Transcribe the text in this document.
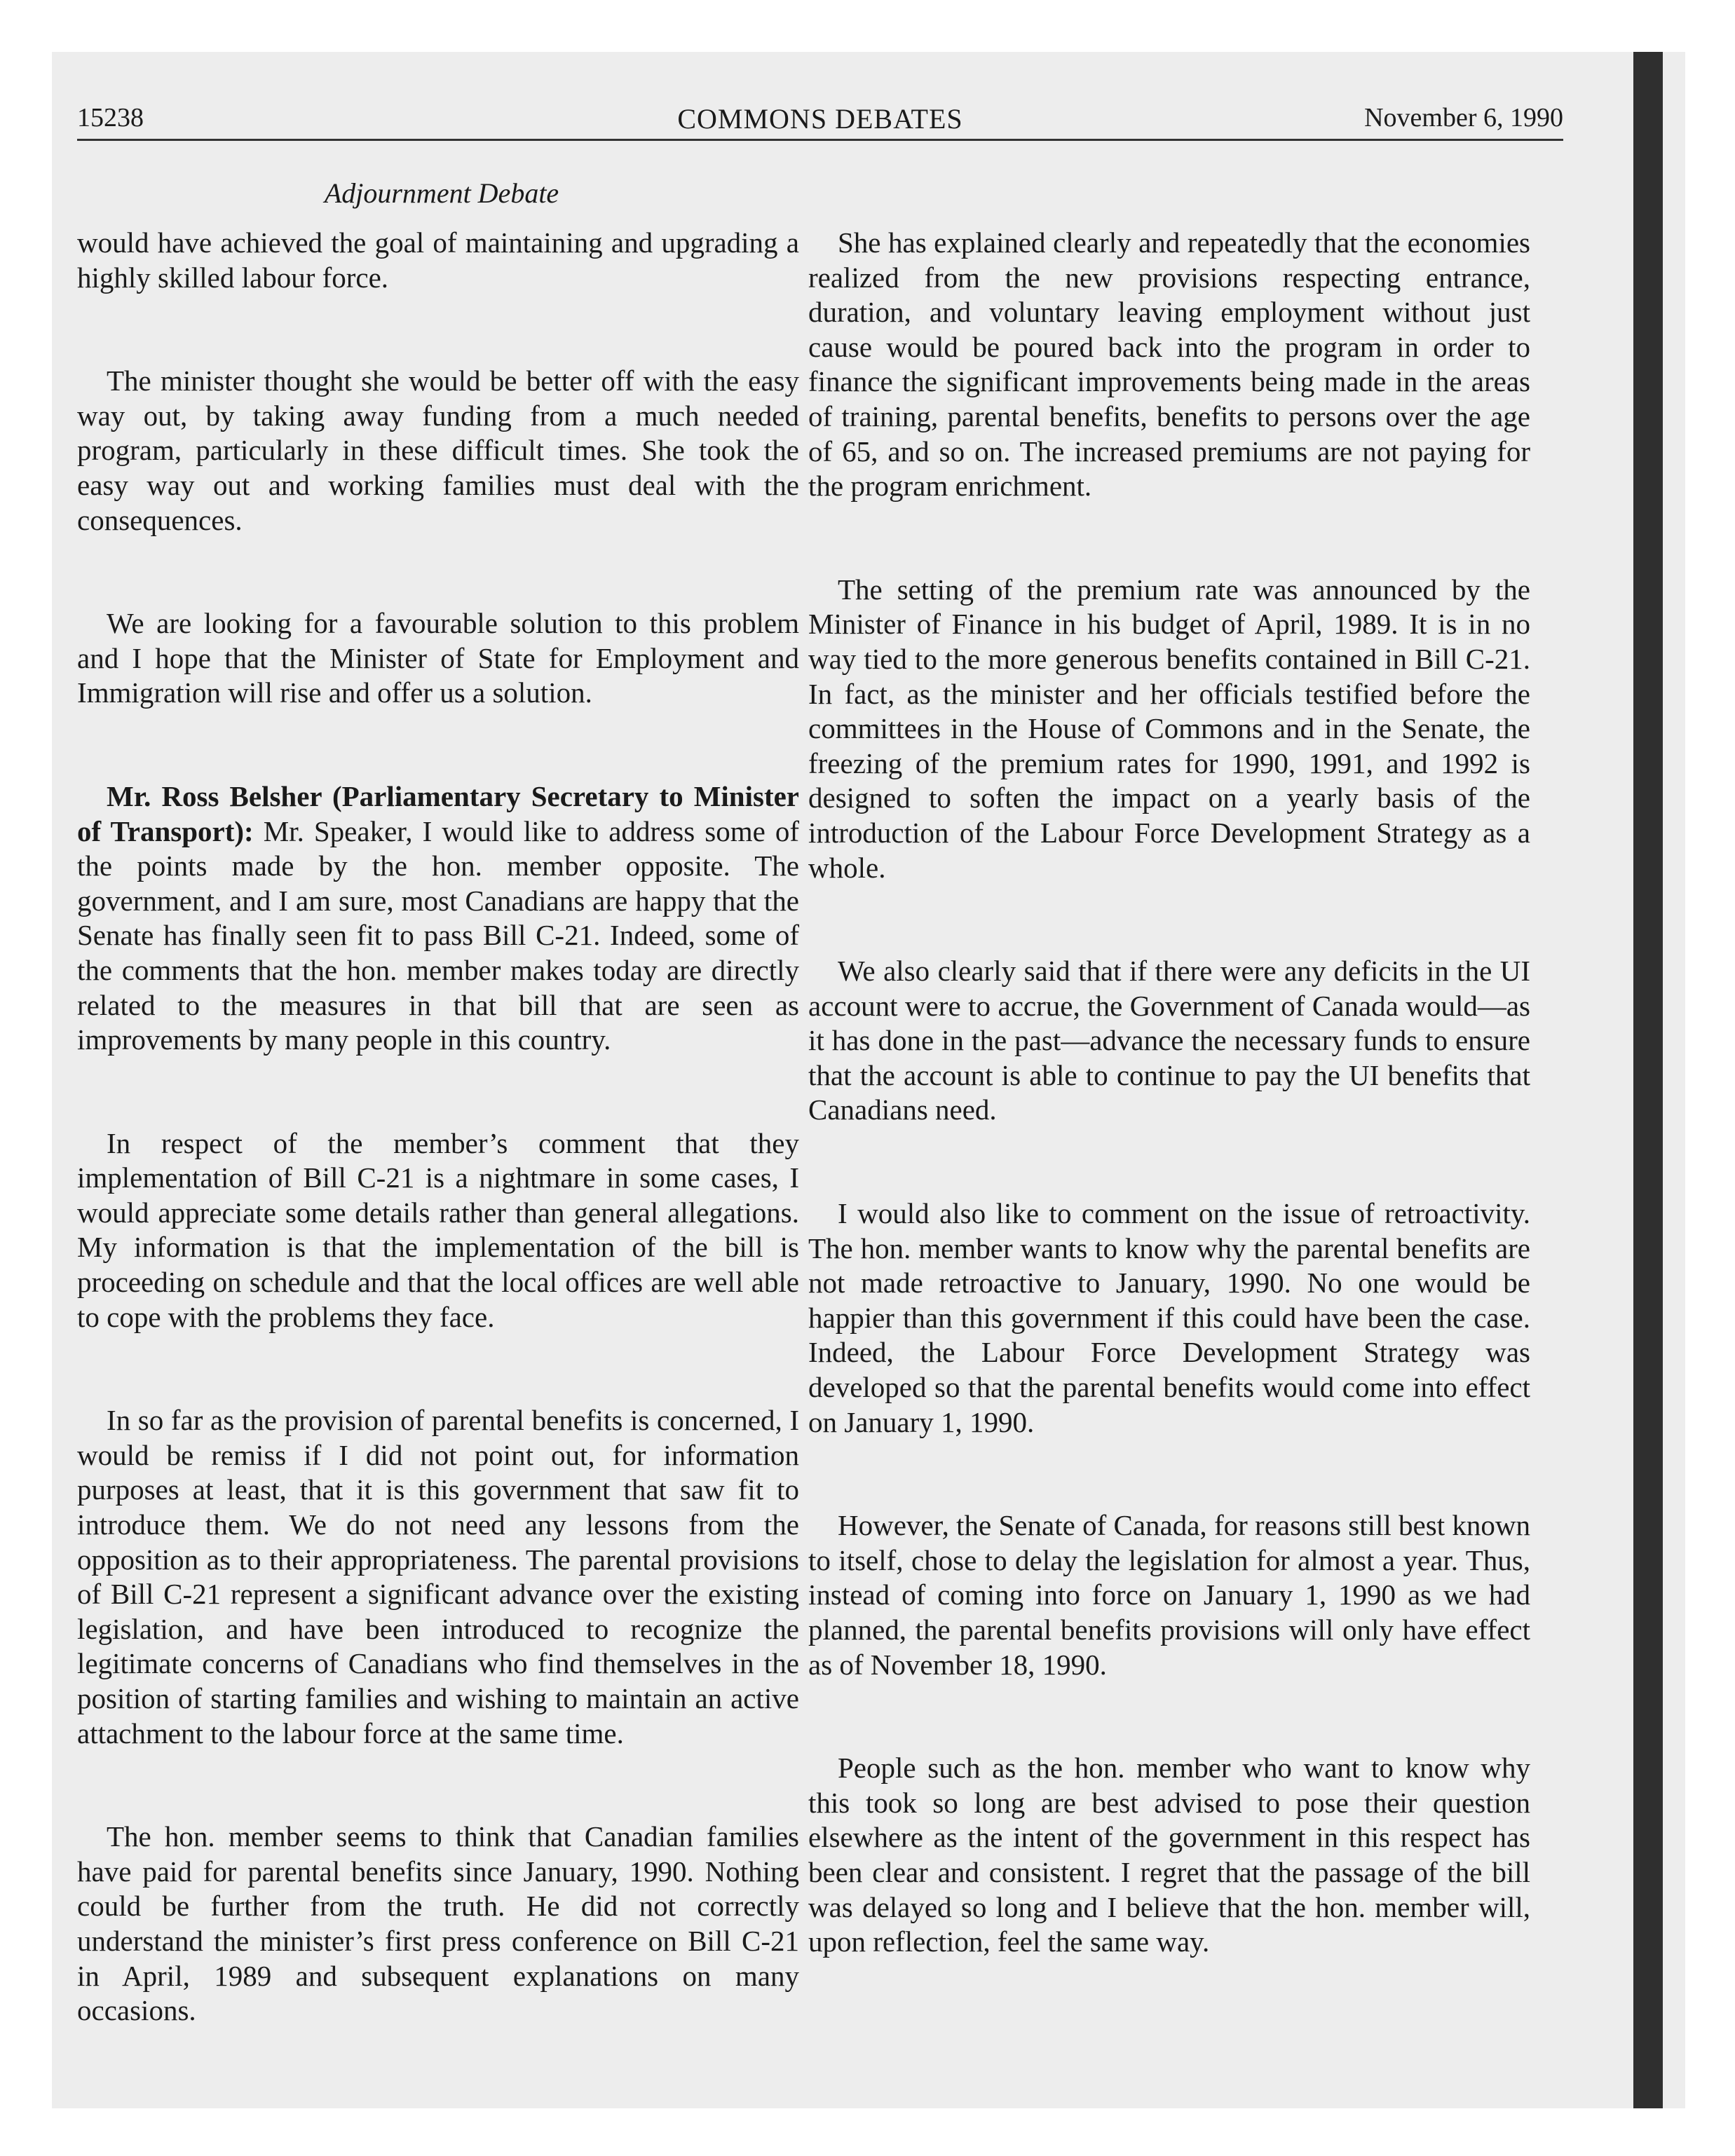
15238	COMMONS DEBATES	November 6, 1990
Adjournment Debate

would have achieved the goal of maintaining and upgrading a highly skilled labour force.

The minister thought she would be better off with the easy way out, by taking away funding from a much needed program, particularly in these difficult times. She took the easy way out and working families must deal with the consequences.

We are looking for a favourable solution to this problem and I hope that the Minister of State for Employment and Immigration will rise and offer us a solution.

Mr. Ross Belsher (Parliamentary Secretary to Minister of Transport): Mr. Speaker, I would like to address some of the points made by the hon. member opposite. The government, and I am sure, most Canadians are happy that the Senate has finally seen fit to pass Bill C-21. Indeed, some of the comments that the hon. member makes today are directly related to the measures in that bill that are seen as improvements by many people in this country.

In respect of the member’s comment that they implementation of Bill C-21 is a nightmare in some cases, I would appreciate some details rather than general allegations. My information is that the implementation of the bill is proceeding on schedule and that the local offices are well able to cope with the problems they face.

In so far as the provision of parental benefits is concerned, I would be remiss if I did not point out, for information purposes at least, that it is this government that saw fit to introduce them. We do not need any lessons from the opposition as to their appropriateness. The parental provisions of Bill C-21 represent a significant advance over the existing legislation, and have been introduced to recognize the legitimate concerns of Canadians who find themselves in the position of starting families and wishing to maintain an active attachment to the labour force at the same time.

The hon. member seems to think that Canadian families have paid for parental benefits since January, 1990. Nothing could be further from the truth. He did not correctly understand the minister’s first press conference on Bill C-21 in April, 1989 and subsequent explanations on many occasions.

She has explained clearly and repeatedly that the economies realized from the new provisions respecting entrance, duration, and voluntary leaving employment without just cause would be poured back into the program in order to finance the significant improvements being made in the areas of training, parental benefits, benefits to persons over the age of 65, and so on. The increased premiums are not paying for the program enrichment.

The setting of the premium rate was announced by the Minister of Finance in his budget of April, 1989. It is in no way tied to the more generous benefits contained in Bill C-21. In fact, as the minister and her officials testified before the committees in the House of Commons and in the Senate, the freezing of the premium rates for 1990, 1991, and 1992 is designed to soften the impact on a yearly basis of the introduction of the Labour Force Development Strategy as a whole.

We also clearly said that if there were any deficits in the UI account were to accrue, the Government of Canada would—as it has done in the past—advance the necessary funds to ensure that the account is able to continue to pay the UI benefits that Canadians need.

I would also like to comment on the issue of retroactivity. The hon. member wants to know why the parental benefits are not made retroactive to January, 1990. No one would be happier than this government if this could have been the case. Indeed, the Labour Force Development Strategy was developed so that the parental benefits would come into effect on January 1, 1990.

However, the Senate of Canada, for reasons still best known to itself, chose to delay the legislation for almost a year. Thus, instead of coming into force on January 1, 1990 as we had planned, the parental benefits provisions will only have effect as of November 18, 1990.

People such as the hon. member who want to know why this took so long are best advised to pose their question elsewhere as the intent of the government in this respect has been clear and consistent. I regret that the passage of the bill was delayed so long and I believe that the hon. member will, upon reflection, feel the same way.
